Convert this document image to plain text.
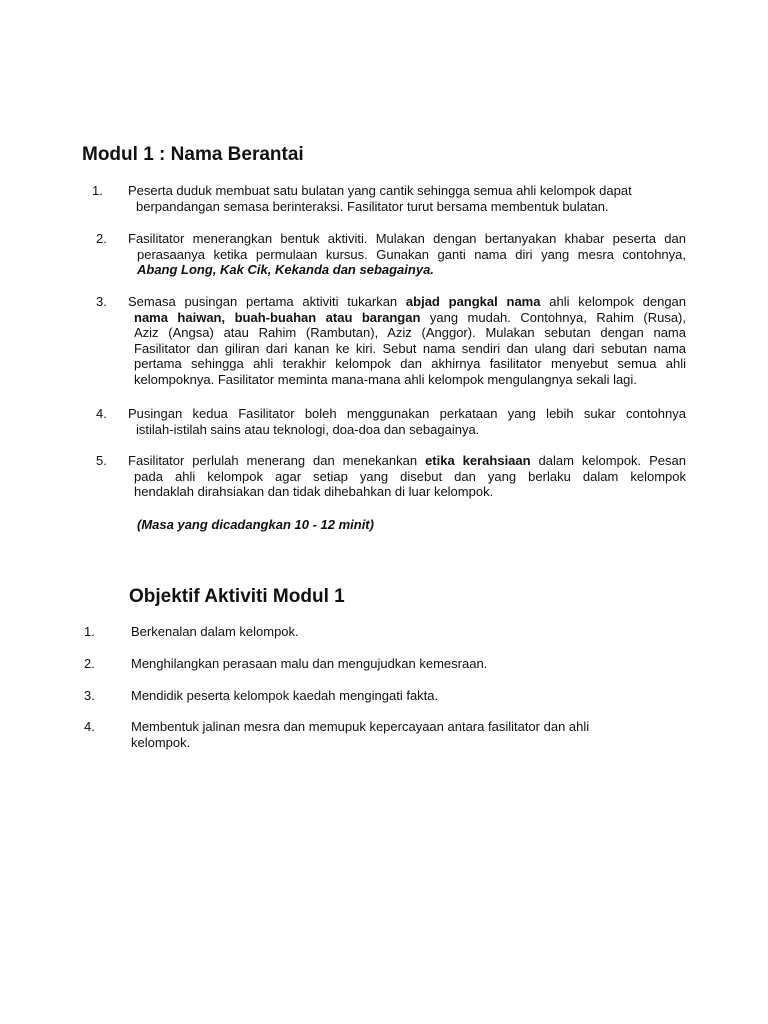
Modul 1 : Nama Berantai
1. Peserta duduk membuat satu bulatan yang cantik sehingga semua ahli kelompok dapat
berpandangan semasa berinteraksi. Fasilitator turut bersama membentuk bulatan.
2. Fasilitator menerangkan bentuk aktiviti. Mulakan dengan bertanyakan khabar peserta dan
perasaanya ketika permulaan kursus. Gunakan ganti nama diri yang mesra contohnya,
Abang Long, Kak Cik, Kekanda dan sebagainya.
3. Semasa pusingan pertama aktiviti tukarkan abjad pangkal nama ahli kelompok dengan
nama haiwan, buah-buahan atau barangan yang mudah. Contohnya, Rahim (Rusa),
Aziz (Angsa) atau Rahim (Rambutan), Aziz (Anggor). Mulakan sebutan dengan nama
Fasilitator dan giliran dari kanan ke kiri. Sebut nama sendiri dan ulang dari sebutan nama
pertama sehingga ahli terakhir kelompok dan akhirnya fasilitator menyebut semua ahli
kelompoknya. Fasilitator meminta mana-mana ahli kelompok mengulangnya sekali lagi.
4. Pusingan kedua Fasilitator boleh menggunakan perkataan yang lebih sukar contohnya
istilah-istilah sains atau teknologi, doa-doa dan sebagainya.
5. Fasilitator perlulah menerang dan menekankan etika kerahsiaan dalam kelompok. Pesan
pada ahli kelompok agar setiap yang disebut dan yang berlaku dalam kelompok
hendaklah dirahsiakan dan tidak dihebahkan di luar kelompok.
(Masa yang dicadangkan 10 - 12 minit)
Objektif Aktiviti Modul 1
1.	Berkenalan dalam kelompok.
2.	Menghilangkan perasaan malu dan mengujudkan kemesraan.
3.	Mendidik peserta kelompok kaedah mengingati fakta.
4.	Membentuk jalinan mesra dan memupuk kepercayaan antara fasilitator dan ahli
kelompok.
